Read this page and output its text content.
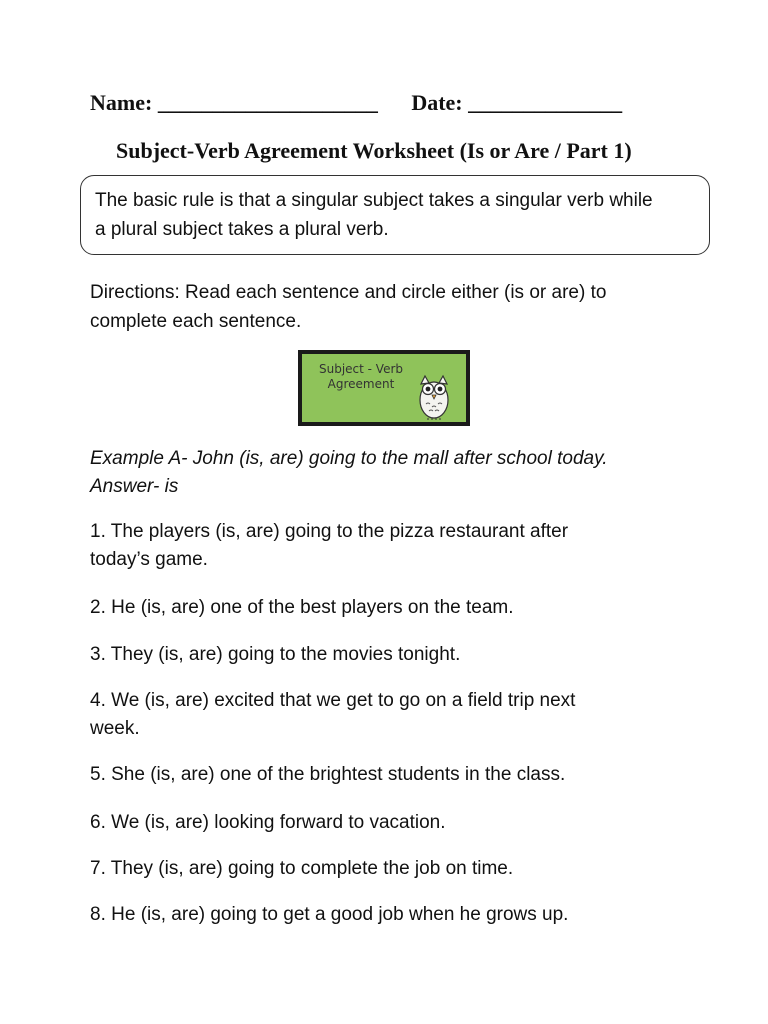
Name: ____________________ Date: ______________
Subject-Verb Agreement Worksheet (Is or Are / Part 1)
The basic rule is that a singular subject takes a singular verb while
a plural subject takes a plural verb.
Directions: Read each sentence and circle either (is or are) to
complete each sentence.
Subject - Verb
Agreement
Example A- John (is, are) going to the mall after school today.
Answer- is
1. The players (is, are) going to the pizza restaurant after
today’s game.
2. He (is, are) one of the best players on the team.
3. They (is, are) going to the movies tonight.
4. We (is, are) excited that we get to go on a field trip next
week.
5. She (is, are) one of the brightest students in the class.
6. We (is, are) looking forward to vacation.
7. They (is, are) going to complete the job on time.
8. He (is, are) going to get a good job when he grows up.
